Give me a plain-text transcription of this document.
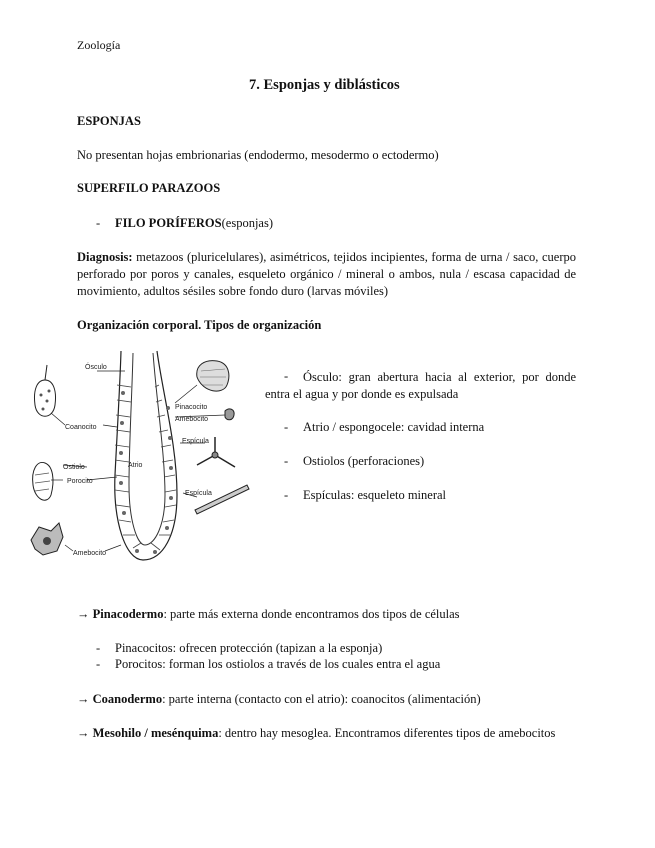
Zoología
7. Esponjas y diblásticos
ESPONJAS
No presentan hojas embrionarias (endodermo, mesodermo o ectodermo)
SUPERFILO PARAZOOS
- FILO PORÍFEROS(esponjas)
Diagnosis: metazoos (pluricelulares), asimétricos, tejidos incipientes, forma de urna / saco, cuerpo perforado por poros y canales, esqueleto orgánico / mineral o ambos, nula / escasa capacidad de movimiento, adultos sésiles sobre fondo duro (larvas móviles)
Organización corporal. Tipos de organización
Ósculo
Coanocito
Ostiolo
Porocito
Amebocito
Pinacocito
Amebocito
Espícula
Atrio
Espícula
-	Ósculo: gran abertura hacia al exterior, por donde entra el agua y por donde es expulsada
- Atrio / espongocele: cavidad interna
- Ostiolos (perforaciones)
- Espículas: esqueleto mineral
→ Pinacodermo: parte más externa donde encontramos dos tipos de células
- Pinacocitos: ofrecen protección (tapizan a la esponja)
- Porocitos: forman los ostiolos a través de los cuales entra el agua
→ Coanodermo: parte interna (contacto con el atrio): coanocitos (alimentación)
→ Mesohilo / mesénquima: dentro hay mesoglea. Encontramos diferentes tipos de amebocitos
